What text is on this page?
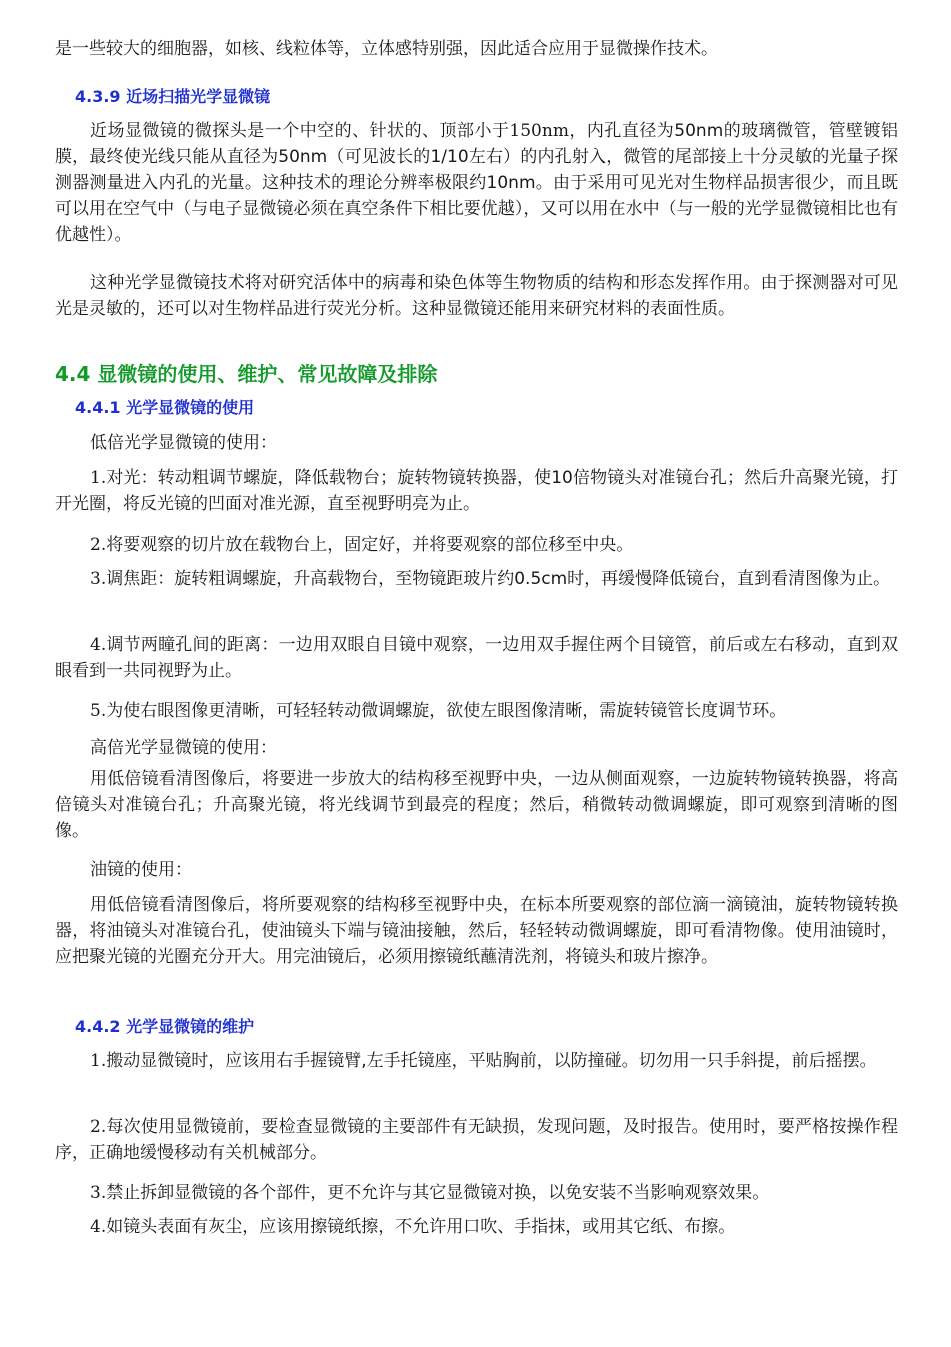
是一些较大的细胞器，如核、线粒体等，立体感特别强，因此适合应用于显微操作技术。

4.3.9 近场扫描光学显微镜

近场显微镜的微探头是一个中空的、针状的、顶部小于150nm，内孔直径为50nm的玻璃微管，管壁镀铝膜，最终使光线只能从直径为50nm（可见波长的1/10左右）的内孔射入，微管的尾部接上十分灵敏的光量子探测器测量进入内孔的光量。这种技术的理论分辨率极限约10nm。由于采用可见光对生物样品损害很少，而且既可以用在空气中（与电子显微镜必须在真空条件下相比要优越），又可以用在水中（与一般的光学显微镜相比也有优越性）。

这种光学显微镜技术将对研究活体中的病毒和染色体等生物物质的结构和形态发挥作用。由于探测器对可见光是灵敏的，还可以对生物样品进行荧光分析。这种显微镜还能用来研究材料的表面性质。

4.4 显微镜的使用、维护、常见故障及排除
4.4.1 光学显微镜的使用

低倍光学显微镜的使用：

1.对光：转动粗调节螺旋，降低载物台；旋转物镜转换器，使10倍物镜头对准镜台孔；然后升高聚光镜，打开光圈，将反光镜的凹面对准光源，直至视野明亮为止。

2.将要观察的切片放在载物台上，固定好，并将要观察的部位移至中央。

3.调焦距：旋转粗调螺旋，升高载物台，至物镜距玻片约0.5cm时，再缓慢降低镜台，直到看清图像为止。

4.调节两瞳孔间的距离：一边用双眼自目镜中观察，一边用双手握住两个目镜管，前后或左右移动，直到双眼看到一共同视野为止。

5.为使右眼图像更清晰，可轻轻转动微调螺旋，欲使左眼图像清晰，需旋转镜管长度调节环。

高倍光学显微镜的使用：

用低倍镜看清图像后，将要进一步放大的结构移至视野中央，一边从侧面观察，一边旋转物镜转换器，将高倍镜头对准镜台孔；升高聚光镜，将光线调节到最亮的程度；然后，稍微转动微调螺旋，即可观察到清晰的图像。

油镜的使用：

用低倍镜看清图像后，将所要观察的结构移至视野中央，在标本所要观察的部位滴一滴镜油，旋转物镜转换器，将油镜头对准镜台孔，使油镜头下端与镜油接触，然后，轻轻转动微调螺旋，即可看清物像。使用油镜时，应把聚光镜的光圈充分开大。用完油镜后，必须用擦镜纸蘸清洗剂，将镜头和玻片擦净。

4.4.2 光学显微镜的维护

1.搬动显微镜时，应该用右手握镜臂,左手托镜座，平贴胸前，以防撞碰。切勿用一只手斜提，前后摇摆。

2.每次使用显微镜前，要检查显微镜的主要部件有无缺损，发现问题，及时报告。使用时，要严格按操作程序，正确地缓慢移动有关机械部分。

3.禁止拆卸显微镜的各个部件，更不允许与其它显微镜对换，以免安装不当影响观察效果。

4.如镜头表面有灰尘，应该用擦镜纸擦，不允许用口吹、手指抹，或用其它纸、布擦。
